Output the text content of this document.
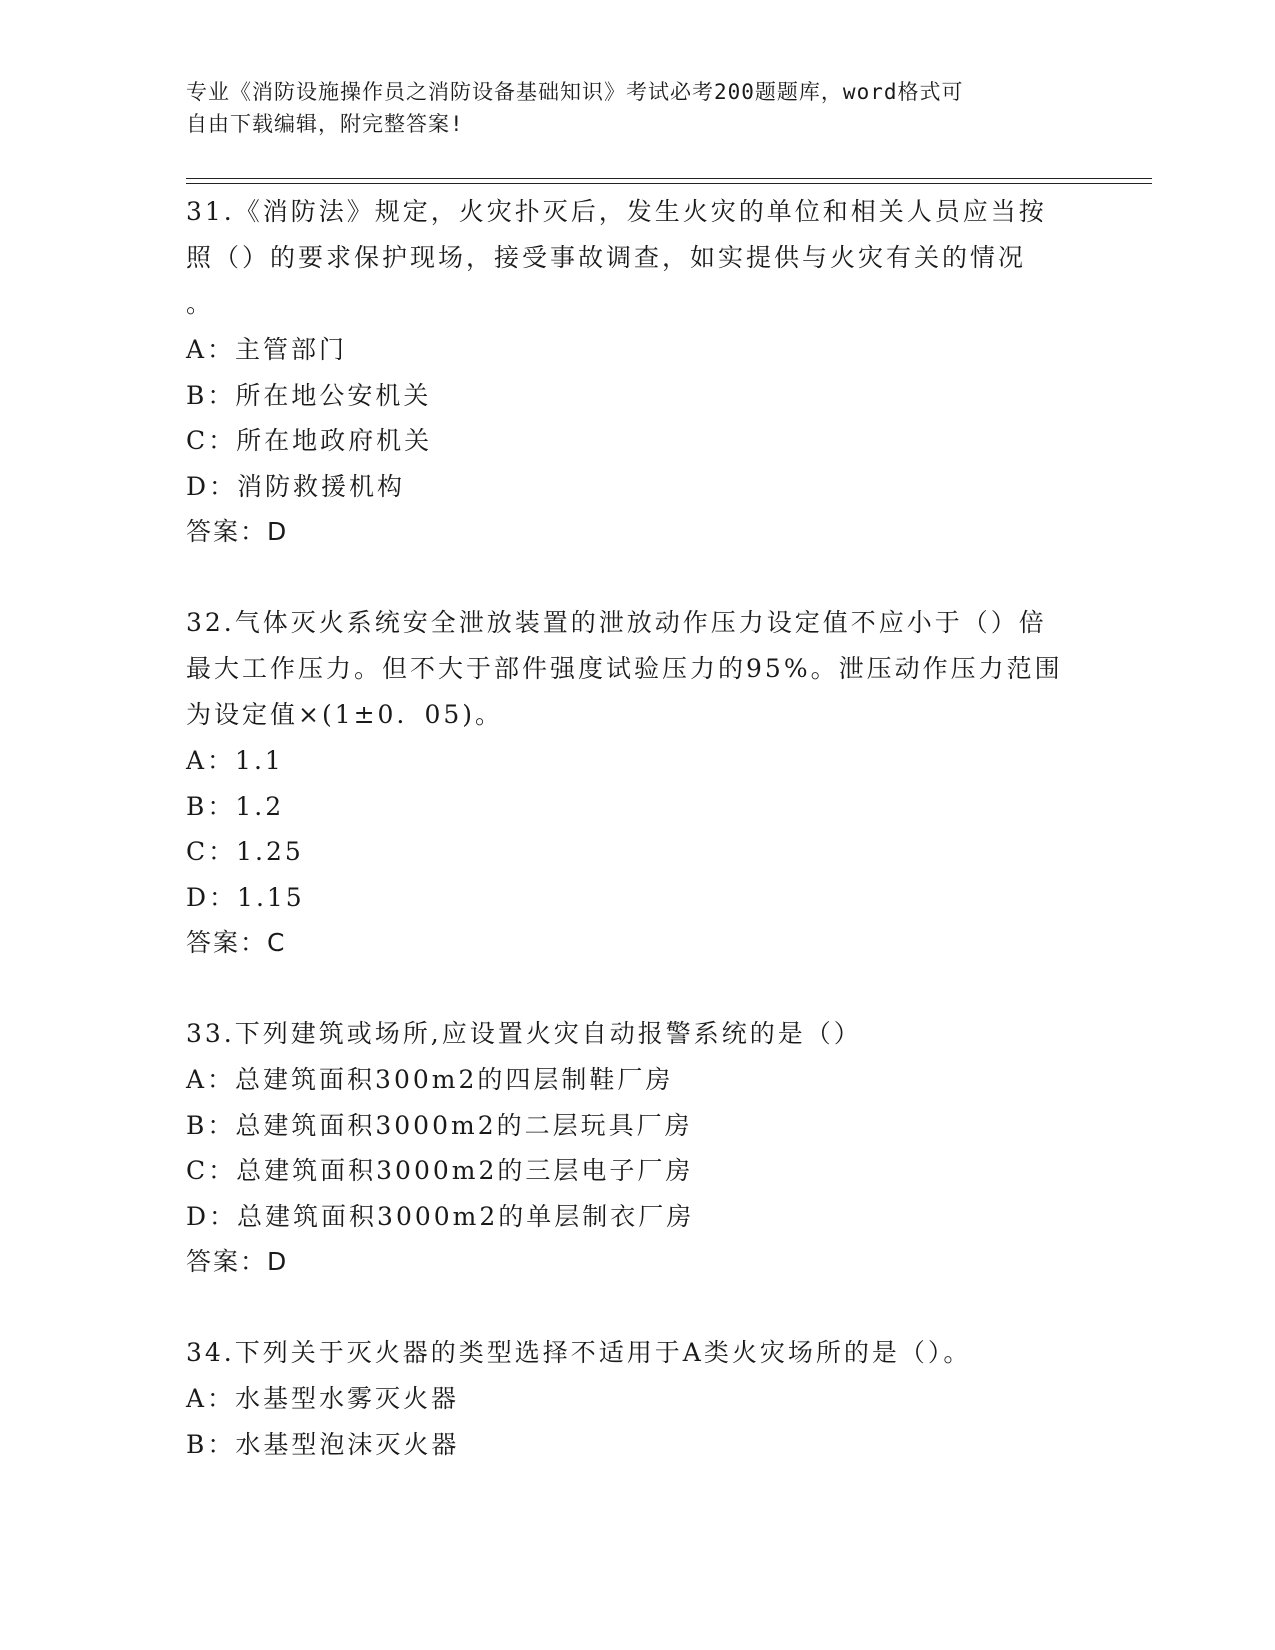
专业《消防设施操作员之消防设备基础知识》考试必考200题题库，word格式可
自由下载编辑，附完整答案!
31.《消防法》规定，火灾扑灭后，发生火灾的单位和相关人员应当按
照（）的要求保护现场，接受事故调查，如实提供与火灾有关的情况
。
A：主管部门
B：所在地公安机关
C：所在地政府机关
D：消防救援机构
答案：D
32.气体灭火系统安全泄放装置的泄放动作压力设定值不应小于（）倍
最大工作压力。但不大于部件强度试验压力的95%。泄压动作压力范围
为设定值×(1±0．05)。
A：1.1
B：1.2
C：1.25
D：1.15
答案：C
33.下列建筑或场所,应设置火灾自动报警系统的是（）
A：总建筑面积300m2的四层制鞋厂房
B：总建筑面积3000m2的二层玩具厂房
C：总建筑面积3000m2的三层电子厂房
D：总建筑面积3000m2的单层制衣厂房
答案：D
34.下列关于灭火器的类型选择不适用于A类火灾场所的是（）。
A：水基型水雾灭火器
B：水基型泡沫灭火器
